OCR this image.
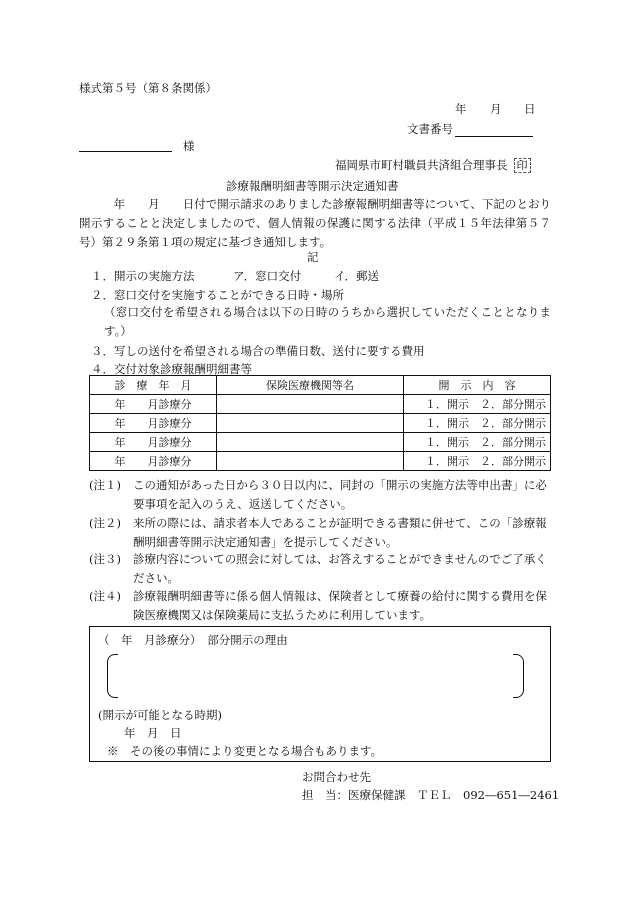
様式第５号（第８条関係）
年 月 日
文書番号
様
福岡県市町村職員共済組合理事長 印
診療報酬明細書等開示決定通知書

　　　年　　月　　日付で開示請求のありました診療報酬明細書等について、下記のとおり開示することと決定しましたので、個人情報の保護に関する法律（平成１５年法律第５７号）第２９条第１項の規定に基づき通知します。

記
１．開示の実施方法	ア．窓口交付	イ．郵送
２．窓口交付を実施することができる日時・場所

（窓口交付を希望される場合は以下の日時のうちから選択していただくこととなります。）

３．写しの送付を希望される場合の準備日数、送付に要する費用
４．交付対象診療報酬明細書等
診　療　年　月	保険医療機関等名	開　示　内　容
年　　月診療分		１．開示　２．部分開示
年　　月診療分		１．開示　２．部分開示
年　　月診療分		１．開示　２．部分開示
年　　月診療分		１．開示　２．部分開示
(注１) この通知があった日から３０日以内に、同封の「開示の実施方法等申出書」に必要事項を記入のうえ、返送してください。
(注２) 来所の際には、請求者本人であることが証明できる書類に併せて、この「診療報酬明細書等開示決定通知書」を提示してください。
(注３) 診療内容についての照会に対しては、お答えすることができませんのでご了承ください。
(注４) 診療報酬明細書等に係る個人情報は、保険者として療養の給付に関する費用を保険医療機関又は保険薬局に支払うために利用しています。
（　年　月診療分）　部分開示の理由
(開示が可能となる時期)
年　月　日
※　その後の事情により変更となる場合もあります。
お問合わせ先
担　当：医療保健課　ＴＥＬ　092―651―2461
